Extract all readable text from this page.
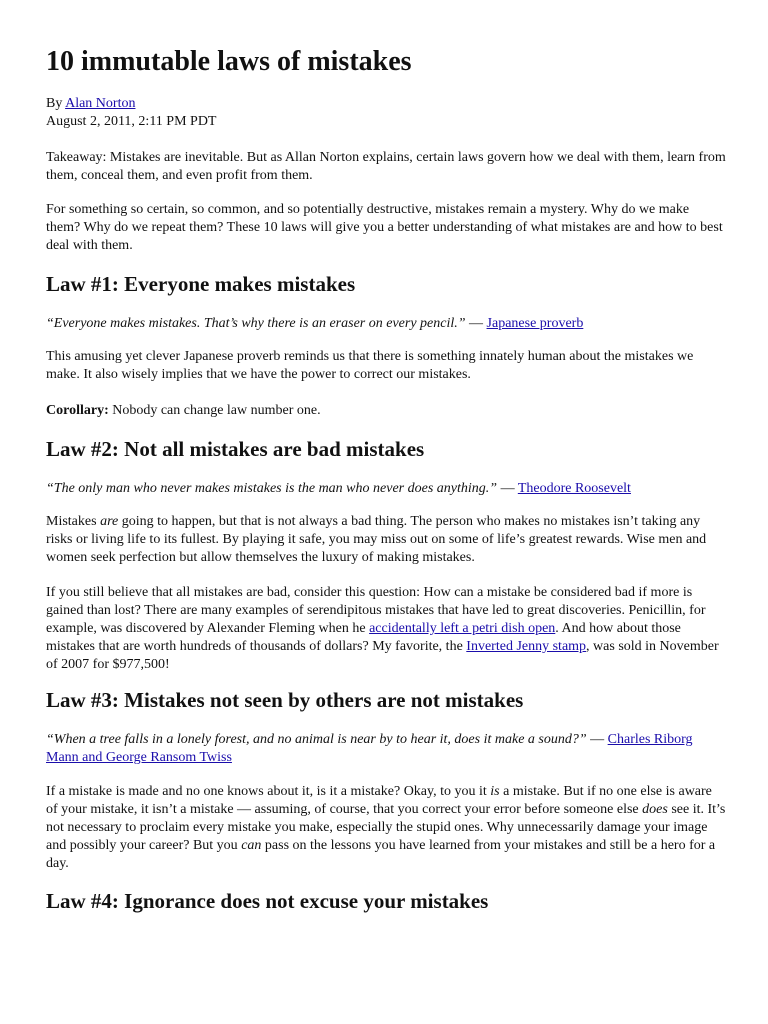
10 immutable laws of mistakes

By Alan Norton

August 2, 2011, 2:11 PM PDT

Takeaway: Mistakes are inevitable. But as Allan Norton explains, certain laws govern how we deal with them, learn from them, conceal them, and even profit from them.

For something so certain, so common, and so potentially destructive, mistakes remain a mystery. Why do we make them? Why do we repeat them? These 10 laws will give you a better understanding of what mistakes are and how to best deal with them.

Law #1: Everyone makes mistakes

“Everyone makes mistakes. That’s why there is an eraser on every pencil.” — Japanese proverb

This amusing yet clever Japanese proverb reminds us that there is something innately human about the mistakes we make. It also wisely implies that we have the power to correct our mistakes.

Corollary: Nobody can change law number one.

Law #2: Not all mistakes are bad mistakes

“The only man who never makes mistakes is the man who never does anything.” — Theodore Roosevelt

Mistakes are going to happen, but that is not always a bad thing. The person who makes no mistakes isn’t taking any risks or living life to its fullest. By playing it safe, you may miss out on some of life’s greatest rewards. Wise men and women seek perfection but allow themselves the luxury of making mistakes.

If you still believe that all mistakes are bad, consider this question: How can a mistake be considered bad if more is gained than lost? There are many examples of serendipitous mistakes that have led to great discoveries. Penicillin, for example, was discovered by Alexander Fleming when he accidentally left a petri dish open. And how about those mistakes that are worth hundreds of thousands of dollars? My favorite, the Inverted Jenny stamp, was sold in November of 2007 for $977,500!

Law #3: Mistakes not seen by others are not mistakes

“When a tree falls in a lonely forest, and no animal is near by to hear it, does it make a sound?” — Charles Riborg Mann and George Ransom Twiss

If a mistake is made and no one knows about it, is it a mistake? Okay, to you it is a mistake. But if no one else is aware of your mistake, it isn’t a mistake — assuming, of course, that you correct your error before someone else does see it. It’s not necessary to proclaim every mistake you make, especially the stupid ones. Why unnecessarily damage your image and possibly your career? But you can pass on the lessons you have learned from your mistakes and still be a hero for a day.

Law #4: Ignorance does not excuse your mistakes
